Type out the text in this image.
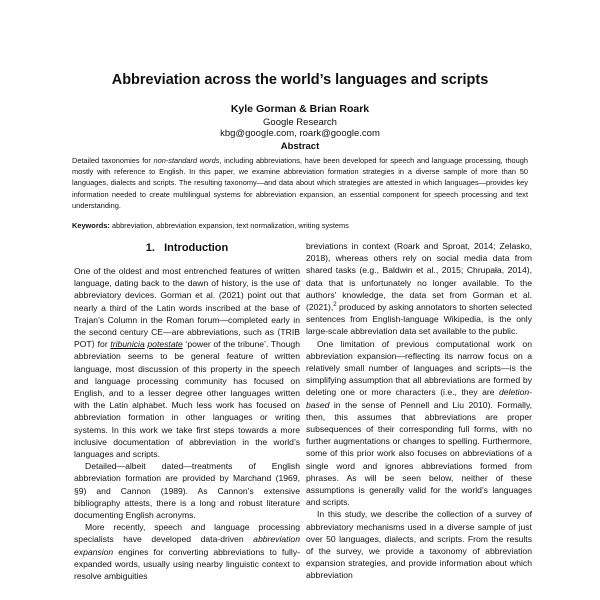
Abbreviation across the world’s languages and scripts
Kyle Gorman & Brian Roark
Google Research
kbg@google.com, roark@google.com
Abstract
Detailed taxonomies for non-standard words, including abbreviations, have been developed for speech and language processing, though mostly with reference to English. In this paper, we examine abbreviation formation strategies in a diverse sample of more than 50 languages, dialects and scripts. The resulting taxonomy—and data about which strategies are attested in which languages—provides key information needed to create multilingual systems for abbreviation expansion, an essential component for speech processing and text understanding.
Keywords: abbreviation, abbreviation expansion, text normalization, writing systems
1. Introduction

One of the oldest and most entrenched features of written language, dating back to the dawn of history, is the use of abbreviatory devices. Gorman et al. (2021) point out that nearly a third of the Latin words inscribed at the base of Trajan’s Column in the Roman forum—completed early in the second century CE—are abbreviations, such as ⟨TRIB POT⟩ for tribunicia potestate ‘power of the tribune’. Though abbreviation seems to be general feature of written language, most discussion of this property in the speech and language processing community has focused on English, and to a lesser degree other languages written with the Latin alphabet. Much less work has focused on abbreviation formation in other languages or writing systems. In this work we take first steps towards a more inclusive documentation of abbreviation in the world’s languages and scripts.

Detailed—albeit dated—treatments of English abbreviation formation are provided by Marchand (1969, §9) and Cannon (1989). As Cannon’s extensive bibliography attests, there is a long and robust literature documenting English acronyms.

More recently, speech and language processing specialists have developed data-driven abbreviation expansion engines for converting abbreviations to fully-expanded words, usually using nearby linguistic context to resolve ambiguities

breviations in context (Roark and Sproat, 2014; Zelasko, 2018), whereas others rely on social media data from shared tasks (e.g., Baldwin et al., 2015; Chrupała, 2014), data that is unfortunately no longer available. To the authors’ knowledge, the data set from Gorman et al. (2021),$^2$ produced by asking annotators to shorten selected sentences from English-language Wikipedia, is the only large-scale abbreviation data set available to the public.

One limitation of previous computational work on abbreviation expansion—reflecting its narrow focus on a relatively small number of languages and scripts—is the simplifying assumption that all abbreviations are formed by deleting one or more characters (i.e., they are deletion-based in the sense of Pennell and Liu 2010). Formally, then, this assumes that abbreviations are proper subsequences of their corresponding full forms, with no further augmentations or changes to spelling. Furthermore, some of this prior work also focuses on abbreviations of a single word and ignores abbreviations formed from phrases. As will be seen below, neither of these assumptions is generally valid for the world’s languages and scripts.

In this study, we describe the collection of a survey of abbreviatory mechanisms used in a diverse sample of just over 50 languages, dialects, and scripts. From the results of the survey, we provide a taxonomy of abbreviation expansion strategies, and provide information about which abbreviation
